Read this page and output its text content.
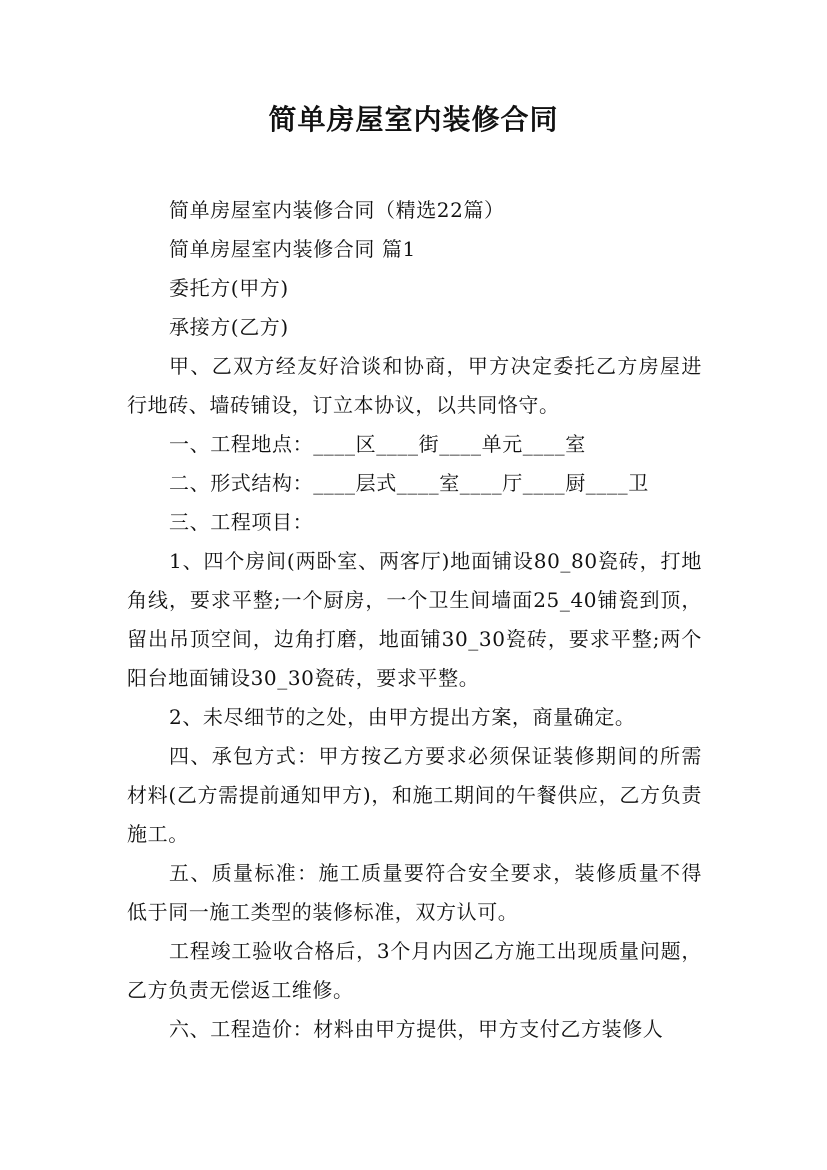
简单房屋室内装修合同

简单房屋室内装修合同（精选22篇）

简单房屋室内装修合同 篇1

委托方(甲方)

承接方(乙方)

甲、乙双方经友好洽谈和协商，甲方决定委托乙方房屋进行地砖、墙砖铺设，订立本协议，以共同恪守。

一、工程地点：____区____街____单元____室

二、形式结构：____层式____室____厅____厨____卫

三、工程项目：

1、四个房间(两卧室、两客厅)地面铺设80_80瓷砖，打地角线，要求平整;一个厨房，一个卫生间墙面25_40铺瓷到顶，留出吊顶空间，边角打磨，地面铺30_30瓷砖，要求平整;两个阳台地面铺设30_30瓷砖，要求平整。

2、未尽细节的之处，由甲方提出方案，商量确定。

四、承包方式：甲方按乙方要求必须保证装修期间的所需材料(乙方需提前通知甲方)，和施工期间的午餐供应，乙方负责施工。

五、质量标准：施工质量要符合安全要求，装修质量不得低于同一施工类型的装修标准，双方认可。

工程竣工验收合格后，3个月内因乙方施工出现质量问题，乙方负责无偿返工维修。

六、工程造价：材料由甲方提供，甲方支付乙方装修人
